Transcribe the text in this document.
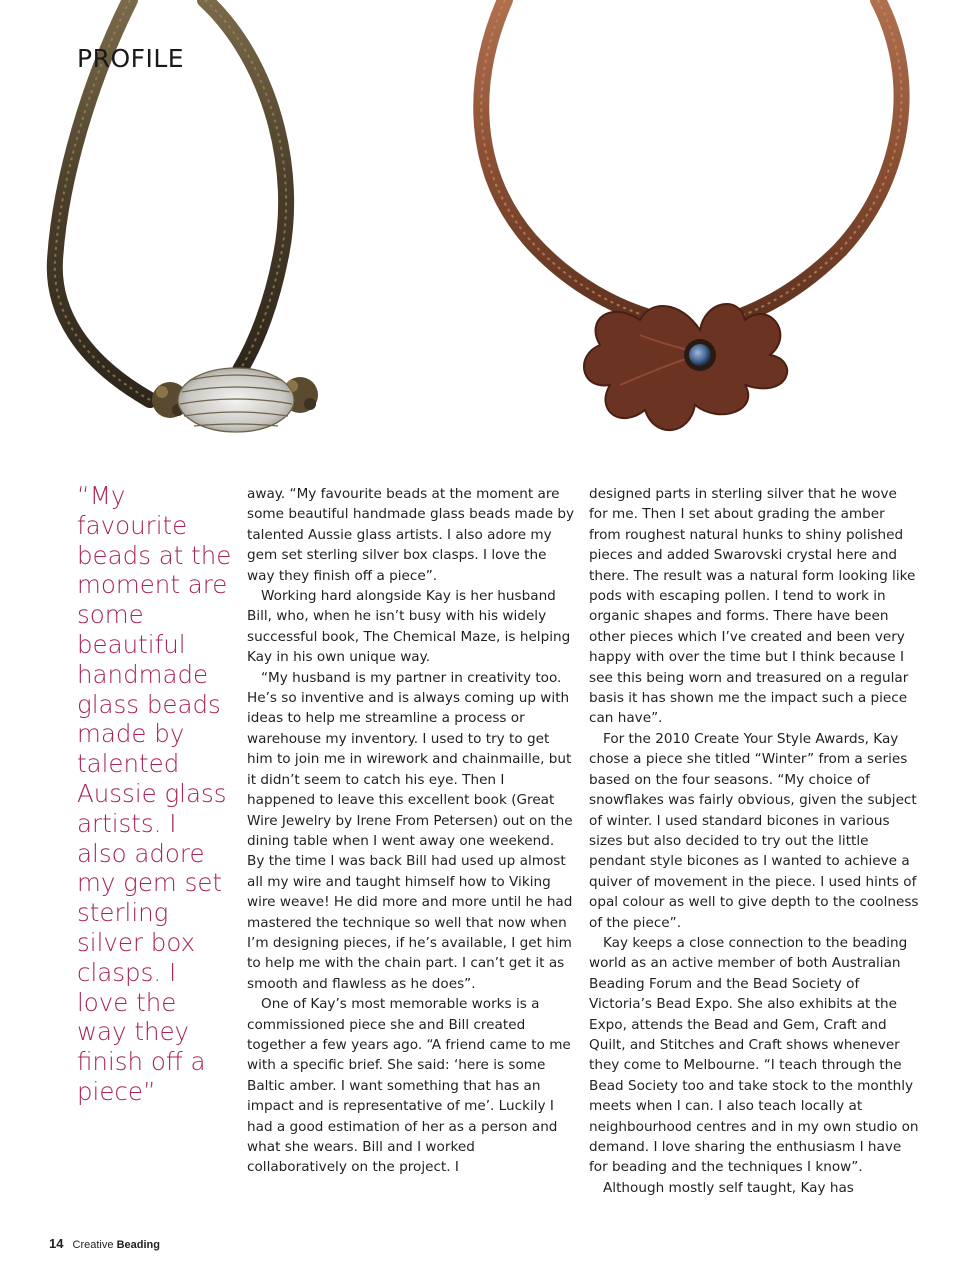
PROFILE
“My favourite beads at the moment are some beautiful handmade glass beads made by talented Aussie glass artists. I also adore my gem set sterling silver box clasps. I love the way they finish off a piece”

away. “My favourite beads at the moment are some beautiful handmade glass beads made by talented Aussie glass artists. I also adore my gem set sterling silver box clasps. I love the way they finish off a piece”.

Working hard alongside Kay is her husband Bill, who, when he isn’t busy with his widely successful book, The Chemical Maze, is helping Kay in his own unique way.

“My husband is my partner in creativity too. He’s so inventive and is always coming up with ideas to help me streamline a process or warehouse my inventory. I used to try to get him to join me in wirework and chainmaille, but it didn’t seem to catch his eye. Then I happened to leave this excellent book (Great Wire Jewelry by Irene From Petersen) out on the dining table when I went away one weekend. By the time I was back Bill had used up almost all my wire and taught himself how to Viking wire weave! He did more and more until he had mastered the technique so well that now when I’m designing pieces, if he’s available, I get him to help me with the chain part. I can’t get it as smooth and flawless as he does”.

One of Kay’s most memorable works is a commissioned piece she and Bill created together a few years ago. “A friend came to me with a specific brief. She said: ‘here is some Baltic amber. I want something that has an impact and is representative of me’. Luckily I had a good estimation of her as a person and what she wears. Bill and I worked collaboratively on the project. I

designed parts in sterling silver that he wove for me. Then I set about grading the amber from roughest natural hunks to shiny polished pieces and added Swarovski crystal here and there. The result was a natural form looking like pods with escaping pollen. I tend to work in organic shapes and forms. There have been other pieces which I’ve created and been very happy with over the time but I think because I see this being worn and treasured on a regular basis it has shown me the impact such a piece can have”.

For the 2010 Create Your Style Awards, Kay chose a piece she titled “Winter” from a series based on the four seasons. “My choice of snowflakes was fairly obvious, given the subject of winter. I used standard bicones in various sizes but also decided to try out the little pendant style bicones as I wanted to achieve a quiver of movement in the piece. I used hints of opal colour as well to give depth to the coolness of the piece”.

Kay keeps a close connection to the beading world as an active member of both Australian Beading Forum and the Bead Society of Victoria’s Bead Expo. She also exhibits at the Expo, attends the Bead and Gem, Craft and Quilt, and Stitches and Craft shows whenever they come to Melbourne. “I teach through the Bead Society too and take stock to the monthly meets when I can. I also teach locally at neighbourhood centres and in my own studio on demand. I love sharing the enthusiasm I have for beading and the techniques I know”.

Although mostly self taught, Kay has

14 Creative Beading
